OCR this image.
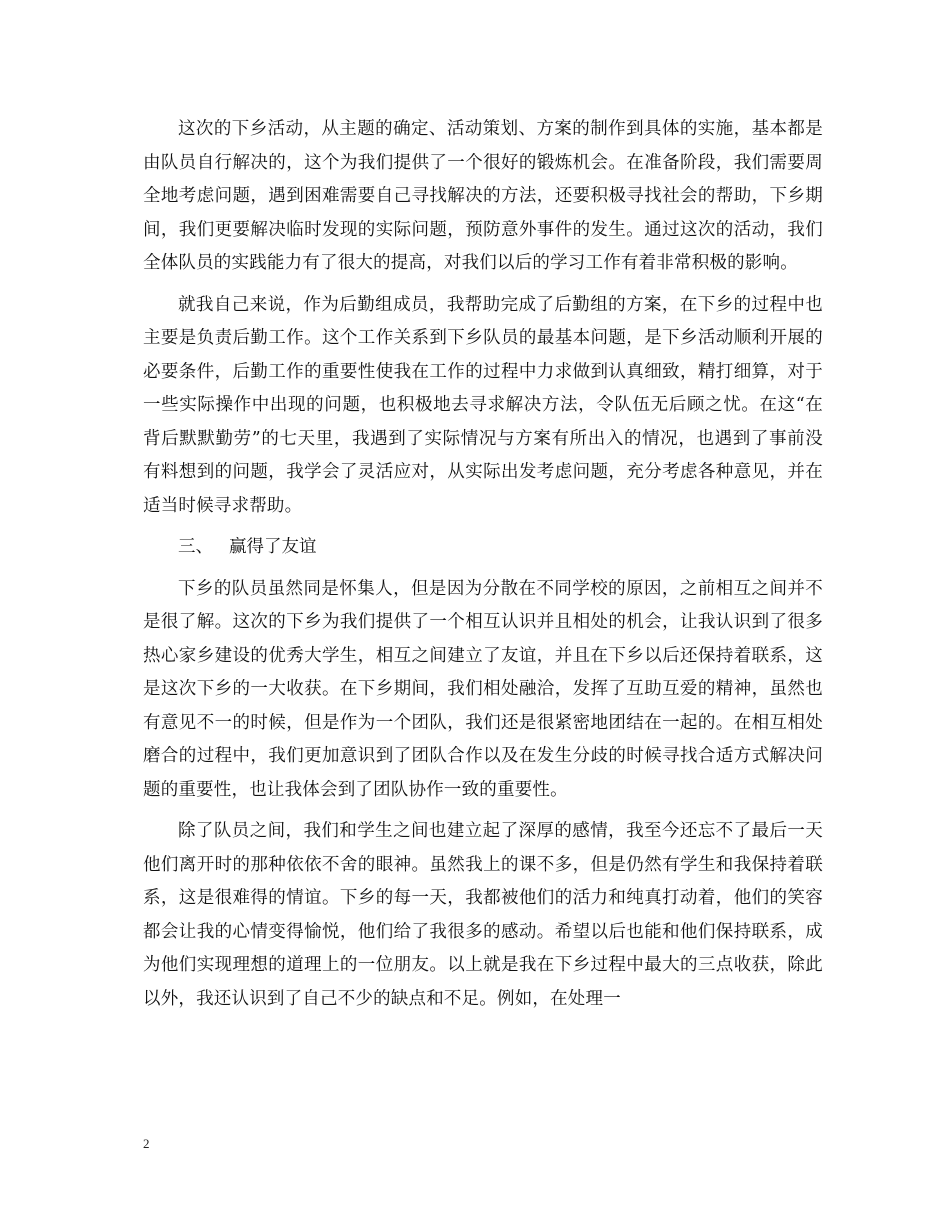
这次的下乡活动，从主题的确定、活动策划、方案的制作到具体的实施，基本都是由队员自行解决的，这个为我们提供了一个很好的锻炼机会。在准备阶段，我们需要周全地考虑问题，遇到困难需要自己寻找解决的方法，还要积极寻找社会的帮助，下乡期间，我们更要解决临时发现的实际问题，预防意外事件的发生。通过这次的活动，我们全体队员的实践能力有了很大的提高，对我们以后的学习工作有着非常积极的影响。

就我自己来说，作为后勤组成员，我帮助完成了后勤组的方案，在下乡的过程中也主要是负责后勤工作。这个工作关系到下乡队员的最基本问题，是下乡活动顺利开展的必要条件，后勤工作的重要性使我在工作的过程中力求做到认真细致，精打细算，对于一些实际操作中出现的问题，也积极地去寻求解决方法，令队伍无后顾之忧。在这“在背后默默勤劳”的七天里，我遇到了实际情况与方案有所出入的情况，也遇到了事前没有料想到的问题，我学会了灵活应对，从实际出发考虑问题，充分考虑各种意见，并在适当时候寻求帮助。

三、 赢得了友谊

下乡的队员虽然同是怀集人，但是因为分散在不同学校的原因，之前相互之间并不是很了解。这次的下乡为我们提供了一个相互认识并且相处的机会，让我认识到了很多热心家乡建设的优秀大学生，相互之间建立了友谊，并且在下乡以后还保持着联系，这是这次下乡的一大收获。在下乡期间，我们相处融洽，发挥了互助互爱的精神，虽然也有意见不一的时候，但是作为一个团队，我们还是很紧密地团结在一起的。在相互相处磨合的过程中，我们更加意识到了团队合作以及在发生分歧的时候寻找合适方式解决问题的重要性，也让我体会到了团队协作一致的重要性。

除了队员之间，我们和学生之间也建立起了深厚的感情，我至今还忘不了最后一天他们离开时的那种依依不舍的眼神。虽然我上的课不多，但是仍然有学生和我保持着联系，这是很难得的情谊。下乡的每一天，我都被他们的活力和纯真打动着，他们的笑容都会让我的心情变得愉悦，他们给了我很多的感动。希望以后也能和他们保持联系，成为他们实现理想的道理上的一位朋友。以上就是我在下乡过程中最大的三点收获，除此以外，我还认识到了自己不少的缺点和不足。例如，在处理一

2
